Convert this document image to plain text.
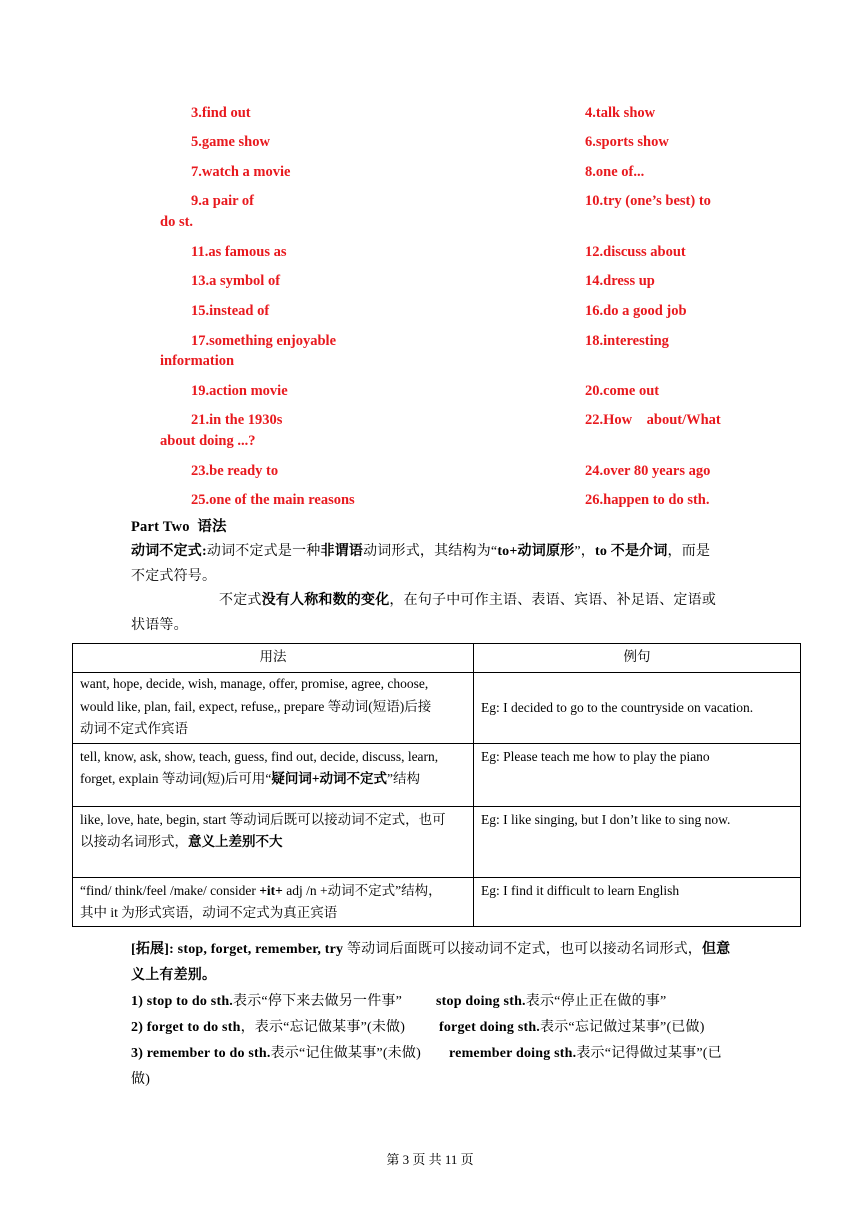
3.find out	4.talk show
5.game show	6.sports show
7.watch a movie	8.one of...
9.a pair of	10.try (one’s best) to
do st.
11.as famous as	12.discuss about
13.a symbol of	14.dress up
15.instead of	16.do a good job
17.something enjoyable	18.interesting
information
19.action movie	20.come out
21.in the 1930s	22.How    about/What
about doing ...?
23.be ready to	24.over 80 years ago
25.one of the main reasons	26.happen to do sth.
Part Two 语法
动词不定式:动词不定式是一种非谓语动词形式，其结构为“to+动词原形”，to 不是介词，而是
不定式符号。
不定式没有人称和数的变化，在句子中可作主语、表语、宾语、补足语、定语或
状语等。
用法	例句

want, hope, decide, wish, manage, offer, promise, agree, choose,
would like, plan, fail, expect, refuse,, prepare 等动词(短语)后接
动词不定式作宾语	Eg: I decided to go to the countryside on vacation.

tell, know, ask, show, teach, guess, find out, decide, discuss, learn,
forget, explain 等动词(短)后可用“疑问词+动词不定式”结构	Eg: Please teach me how to play the piano

like, love, hate, begin, start 等动词后既可以接动词不定式，也可
以接动名词形式，意义上差别不大	Eg: I like singing, but I don’t like to sing now.

“find/ think/feel /make/ consider +it+ adj /n +动词不定式”结构，
其中 it 为形式宾语，动词不定式为真正宾语	Eg: I find it difficult to learn English
[拓展]: stop, forget, remember, try 等动词后面既可以接动词不定式，也可以接动名词形式，但意
义上有差别。
1) stop to do sth.表示“停下来去做另一件事” stop doing sth.表示“停止正在做的事”
2) forget to do sth，表示“忘记做某事”(未做) forget doing sth.表示“忘记做过某事”(已做)
3) remember to do sth.表示“记住做某事”(未做) remember doing sth.表示“记得做过某事”(已
做)
第 3 页 共 11 页
